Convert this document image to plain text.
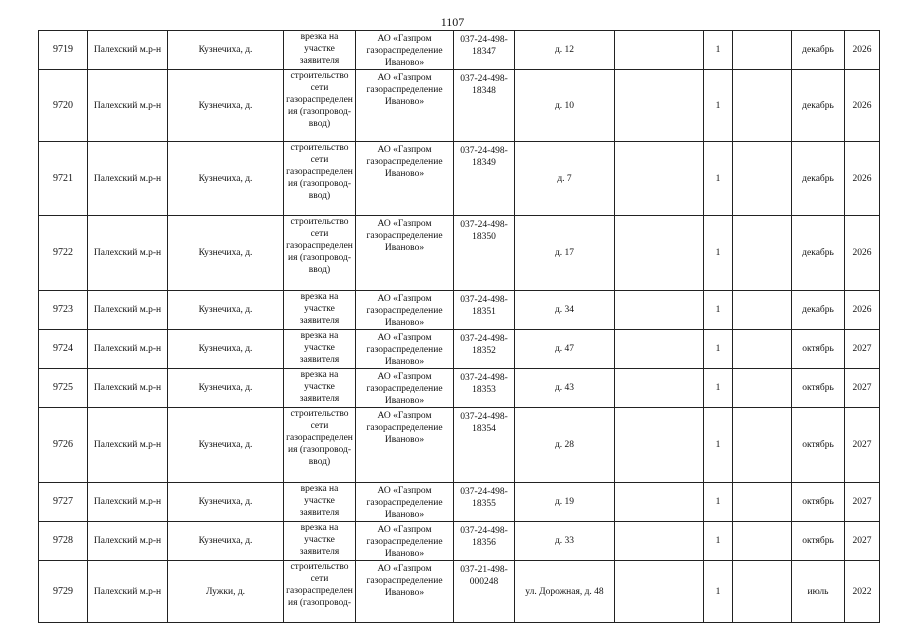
1107
9719	Палехский м.р-н	Кузнечиха, д.	врезка на участке заявителя	АО «Газпром газораспределение Иваново»	037-24-498-18347	д. 12		1		декабрь	2026
9720	Палехский м.р-н	Кузнечиха, д.	строительство сети газораспределения (газопровод-ввод)	АО «Газпром газораспределение Иваново»	037-24-498-18348	д. 10		1		декабрь	2026
9721	Палехский м.р-н	Кузнечиха, д.	строительство сети газораспределения (газопровод-ввод)	АО «Газпром газораспределение Иваново»	037-24-498-18349	д. 7		1		декабрь	2026
9722	Палехский м.р-н	Кузнечиха, д.	строительство сети газораспределения (газопровод-ввод)	АО «Газпром газораспределение Иваново»	037-24-498-18350	д. 17		1		декабрь	2026
9723	Палехский м.р-н	Кузнечиха, д.	врезка на участке заявителя	АО «Газпром газораспределение Иваново»	037-24-498-18351	д. 34		1		декабрь	2026
9724	Палехский м.р-н	Кузнечиха, д.	врезка на участке заявителя	АО «Газпром газораспределение Иваново»	037-24-498-18352	д. 47		1		октябрь	2027
9725	Палехский м.р-н	Кузнечиха, д.	врезка на участке заявителя	АО «Газпром газораспределение Иваново»	037-24-498-18353	д. 43		1		октябрь	2027
9726	Палехский м.р-н	Кузнечиха, д.	строительство сети газораспределения (газопровод-ввод)	АО «Газпром газораспределение Иваново»	037-24-498-18354	д. 28		1		октябрь	2027
9727	Палехский м.р-н	Кузнечиха, д.	врезка на участке заявителя	АО «Газпром газораспределение Иваново»	037-24-498-18355	д. 19		1		октябрь	2027
9728	Палехский м.р-н	Кузнечиха, д.	врезка на участке заявителя	АО «Газпром газораспределение Иваново»	037-24-498-18356	д. 33		1		октябрь	2027
9729	Палехский м.р-н	Лужки, д.	строительство сети газораспределения (газопровод-	АО «Газпром газораспределение Иваново»	037-21-498-000248	ул. Дорожная, д. 48		1		июль	2022
